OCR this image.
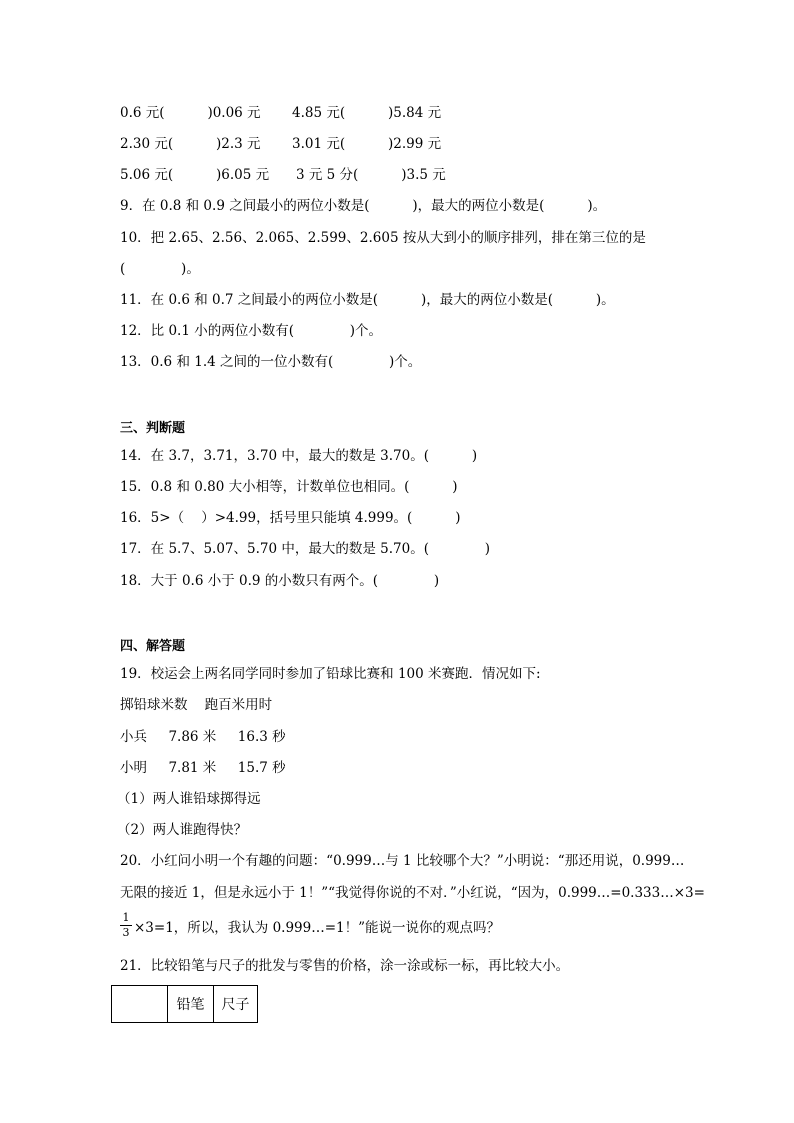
0.6 元(          )0.06 元 4.85 元(          )5.84 元
2.30 元(          )2.3 元 3.01 元(          )2.99 元
5.06 元(          )6.05 元 3 元 5 分(          )3.5 元
9．在 0.8 和 0.9 之间最小的两位小数是(          )，最大的两位小数是(          )。
10．把 2.65、2.56、2.065、2.599、2.605 按从大到小的顺序排列，排在第三位的是
(             )。
11．在 0.6 和 0.7 之间最小的两位小数是(          )，最大的两位小数是(          )。
12．比 0.1 小的两位小数有(             )个。
13．0.6 和 1.4 之间的一位小数有(             )个。
三、判断题
14．在 3.7，3.71，3.70 中，最大的数是 3.70。(          )
15．0.8 和 0.80 大小相等，计数单位也相同。(          )
16．5>（    ）>4.99，括号里只能填 4.999。(          )
17．在 5.7、5.07、5.70 中，最大的数是 5.70。(             )
18．大于 0.6 小于 0.9 的小数只有两个。(             )
四、解答题
19．校运会上两名同学同时参加了铅球比赛和 100 米赛跑．情况如下:
掷铅球米数    跑百米用时
小兵     7.86 米     16.3 秒
小明     7.81 米     15.7 秒
（1）两人谁铅球掷得远
（2）两人谁跑得快？
20．小红问小明一个有趣的问题：“0.999…与 1 比较哪个大？”小明说：“那还用说，0.999…
无限的接近 1，但是永远小于 1！”“我觉得你说的不对．”小红说，“因为，0.999…=0.333…×3=
$\frac{1}{3} \times 3=1$，所以，我认为 0.999…=1！”能说一说你的观点吗？
21．比较铅笔与尺子的批发与零售的价格，涂一涂或标一标，再比较大小。
	铅笔	尺子
